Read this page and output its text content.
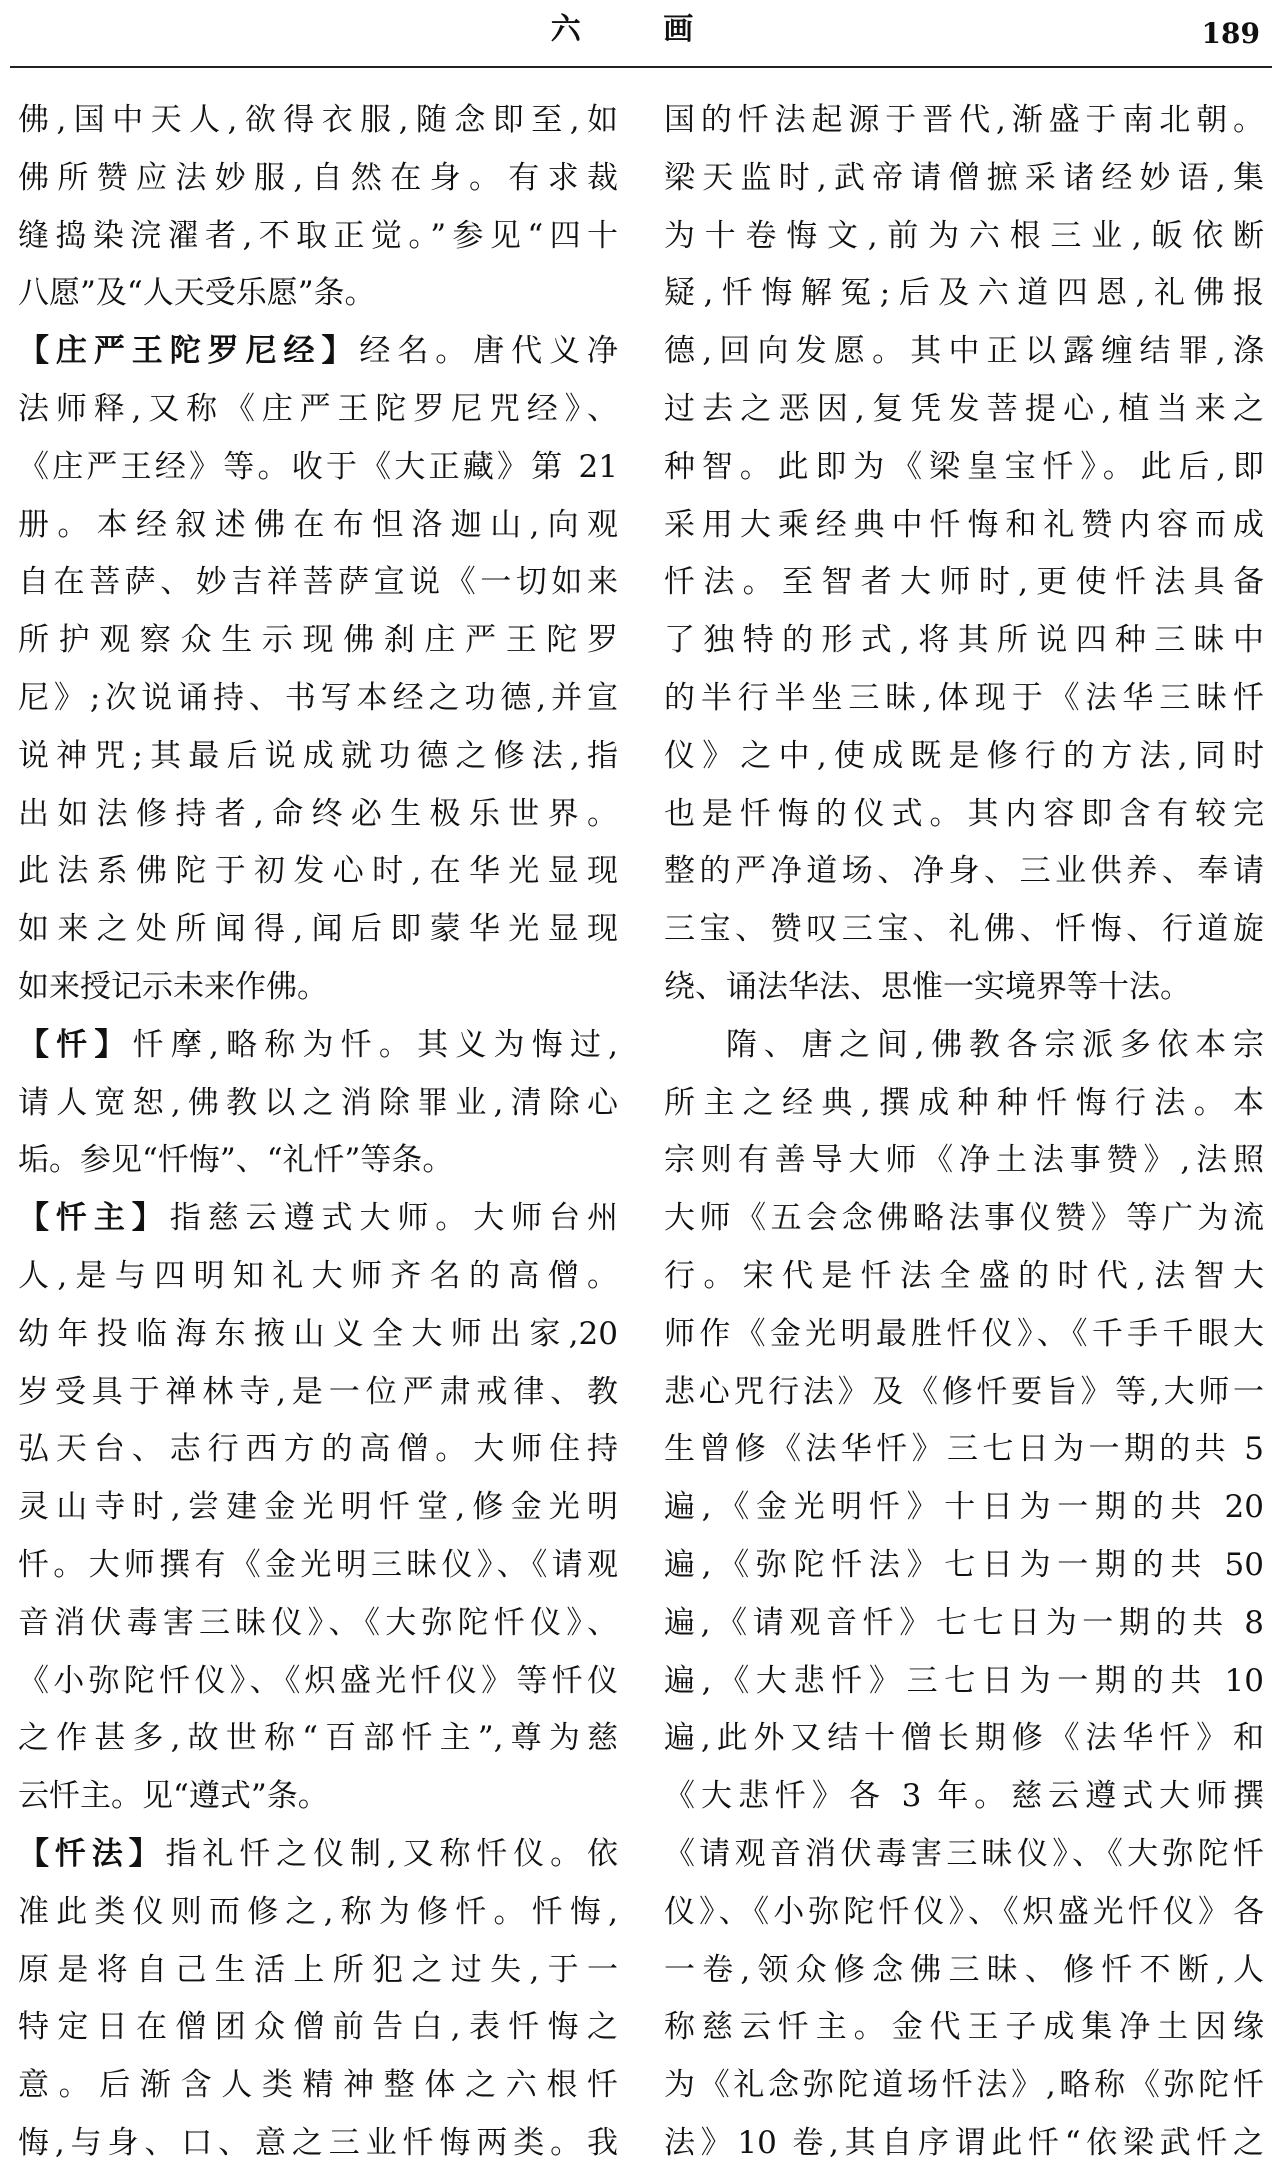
六 画	189
佛,国中天人,欲得衣服,随念即至,如
佛所赞应法妙服,自然在身。有求裁
缝捣染浣濯者,不取正觉。”参见“四十
八愿”及“人天受乐愿”条。
【庄严王陀罗尼经】经名。唐代义净
法师释,又称《庄严王陀罗尼咒经》、
《庄严王经》等。收于《大正藏》第 21
册。本经叙述佛在布怛洛迦山,向观
自在菩萨、妙吉祥菩萨宣说《一切如来
所护观察众生示现佛刹庄严王陀罗
尼》;次说诵持、书写本经之功德,并宣
说神咒;其最后说成就功德之修法,指
出如法修持者,命终必生极乐世界。
此法系佛陀于初发心时,在华光显现
如来之处所闻得,闻后即蒙华光显现
如来授记示未来作佛。
【忏】忏摩,略称为忏。其义为悔过,
请人宽恕,佛教以之消除罪业,清除心
垢。参见“忏悔”、“礼忏”等条。
【忏主】指慈云遵式大师。大师台州
人,是与四明知礼大师齐名的高僧。
幼年投临海东掖山义全大师出家,20
岁受具于禅林寺,是一位严肃戒律、教
弘天台、志行西方的高僧。大师住持
灵山寺时,尝建金光明忏堂,修金光明
忏。大师撰有《金光明三昧仪》、《请观
音消伏毒害三昧仪》、《大弥陀忏仪》、
《小弥陀忏仪》、《炽盛光忏仪》等忏仪
之作甚多,故世称“百部忏主”,尊为慈
云忏主。见“遵式”条。
【忏法】指礼忏之仪制,又称忏仪。依
准此类仪则而修之,称为修忏。忏悔,
原是将自己生活上所犯之过失,于一
特定日在僧团众僧前告白,表忏悔之
意。后渐含人类精神整体之六根忏
悔,与身、口、意之三业忏悔两类。我
国的忏法起源于晋代,渐盛于南北朝。
梁天监时,武帝请僧摭采诸经妙语,集
为十卷悔文,前为六根三业,皈依断
疑,忏悔解冤;后及六道四恩,礼佛报
德,回向发愿。其中正以露缠结罪,涤
过去之恶因,复凭发菩提心,植当来之
种智。此即为《梁皇宝忏》。此后,即
采用大乘经典中忏悔和礼赞内容而成
忏法。至智者大师时,更使忏法具备
了独特的形式,将其所说四种三昧中
的半行半坐三昧,体现于《法华三昧忏
仪》之中,使成既是修行的方法,同时
也是忏悔的仪式。其内容即含有较完
整的严净道场、净身、三业供养、奉请
三宝、赞叹三宝、礼佛、忏悔、行道旋
绕、诵法华法、思惟一实境界等十法。
隋、唐之间,佛教各宗派多依本宗
所主之经典,撰成种种忏悔行法。本
宗则有善导大师《净土法事赞》,法照
大师《五会念佛略法事仪赞》等广为流
行。宋代是忏法全盛的时代,法智大
师作《金光明最胜忏仪》、《千手千眼大
悲心咒行法》及《修忏要旨》等,大师一
生曾修《法华忏》三七日为一期的共 5
遍,《金光明忏》十日为一期的共 20
遍,《弥陀忏法》七日为一期的共 50
遍,《请观音忏》七七日为一期的共 8
遍,《大悲忏》三七日为一期的共 10
遍,此外又结十僧长期修《法华忏》和
《大悲忏》各 3 年。慈云遵式大师撰
《请观音消伏毒害三昧仪》、《大弥陀忏
仪》、《小弥陀忏仪》、《炽盛光忏仪》各
一卷,领众修念佛三昧、修忏不断,人
称慈云忏主。金代王子成集净土因缘
为《礼念弥陀道场忏法》,略称《弥陀忏
法》10 卷,其自序谓此忏“依梁武忏之
